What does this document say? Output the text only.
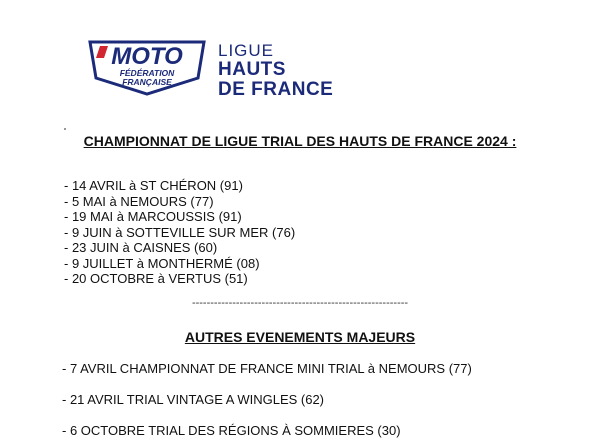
MOTO
FÉDÉRATION
FRANÇAISE
LIGUE
HAUTS
DE FRANCE
CHAMPIONNAT DE LIGUE TRIAL DES HAUTS DE FRANCE 2024 :
- 14 AVRIL à ST CHÉRON (91)
- 5 MAI à NEMOURS (77)
- 19 MAI à MARCOUSSIS (91)
- 9 JUIN à SOTTEVILLE SUR MER (76)
- 23 JUIN à CAISNES (60)
- 9 JUILLET à MONTHERMÉ (08)
- 20 OCTOBRE à VERTUS (51)
-----------------------------------------------------------
AUTRES EVENEMENTS MAJEURS
- 7 AVRIL CHAMPIONNAT DE FRANCE MINI TRIAL à NEMOURS (77)
- 21 AVRIL TRIAL VINTAGE A WINGLES (62)
- 6 OCTOBRE TRIAL DES RÉGIONS À SOMMIERES (30)
